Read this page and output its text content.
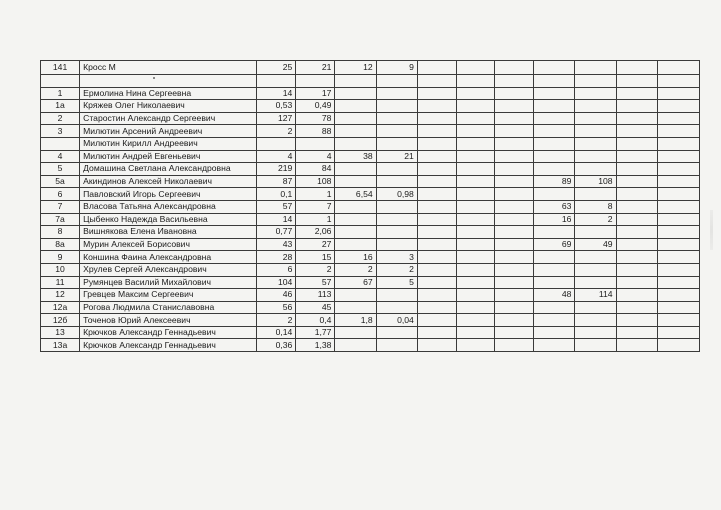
141	Кросс М	25	21	12	9							

1	Ермолина Нина Сергеевна	14	17									
1а	Кряжев Олег Николаевич	0,53	0,49									
2	Старостин Александр Сергеевич	127	78									
3	Милютин Арсений Андреевич	2	88									
	Милютин Кирилл Андреевич											
4	Милютин Андрей Евгеньевич	4	4	38	21							
5	Домашина Светлана Александровна	219	84									
5а	Акиндинов Алексей Николаевич	87	108						89	108		
6	Павловский Игорь Сергеевич	0,1	1	6,54	0,98							
7	Власова Татьяна Александровна	57	7						63	8		
7а	Цыбенко Надежда Васильевна	14	1						16	2		
8	Вишнякова Елена Ивановна	0,77	2,06									
8а	Мурин Алексей Борисович	43	27						69	49		
9	Коншина Фаина Александровна	28	15	16	3							
10	Хрулев Сергей Александрович	6	2	2	2							
11	Румянцев Василий Михайлович	104	57	67	5							
12	Гревцев Максим Сергеевич	46	113						48	114		
12а	Рогова Людмила Станиславовна	56	45									
12б	Точенов Юрий Алексеевич	2	0,4	1,8	0,04							
13	Крючков Александр Геннадьевич	0,14	1,77									
13а	Крючков Александр Геннадьевич	0,36	1,38									
